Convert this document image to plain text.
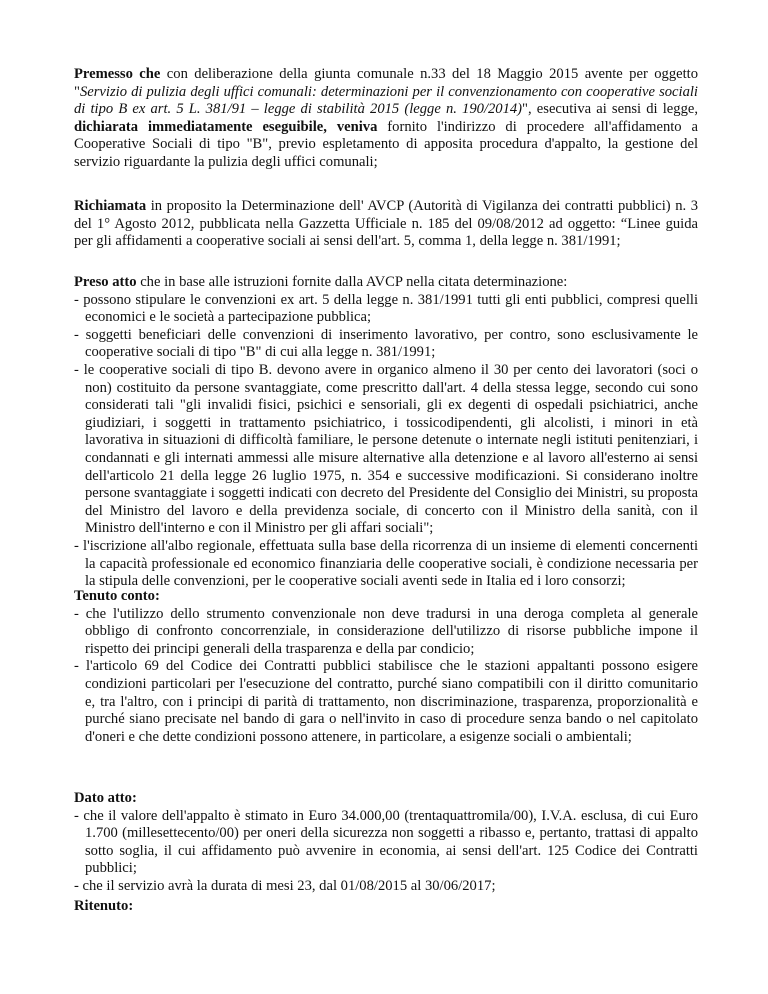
Premesso che con deliberazione della giunta comunale n.33 del 18 Maggio 2015 avente per oggetto "Servizio di pulizia degli uffici comunali: determinazioni per il convenzionamento con cooperative sociali di tipo B ex art. 5 L. 381/91 – legge di stabilità 2015 (legge n. 190/2014)", esecutiva ai sensi di legge, dichiarata immediatamente eseguibile, veniva fornito l'indirizzo di procedere all'affidamento a Cooperative Sociali di tipo "B", previo espletamento di apposita procedura d'appalto, la gestione del servizio riguardante la pulizia degli uffici comunali;

Richiamata in proposito la Determinazione dell' AVCP (Autorità di Vigilanza dei contratti pubblici) n. 3 del 1° Agosto 2012, pubblicata nella Gazzetta Ufficiale n. 185 del 09/08/2012 ad oggetto: “Linee guida per gli affidamenti a cooperative sociali ai sensi dell'art. 5, comma 1, della legge n. 381/1991;

Preso atto che in base alle istruzioni fornite dalla AVCP nella citata determinazione:

- possono stipulare le convenzioni ex art. 5 della legge n. 381/1991 tutti gli enti pubblici, compresi quelli economici e le società a partecipazione pubblica;
- soggetti beneficiari delle convenzioni di inserimento lavorativo, per contro, sono esclusivamente le cooperative sociali di tipo "B" di cui alla legge n. 381/1991;
- le cooperative sociali di tipo B. devono avere in organico almeno il 30 per cento dei lavoratori (soci o non) costituito da persone svantaggiate, come prescritto dall'art. 4 della stessa legge, secondo cui sono considerati tali "gli invalidi fisici, psichici e sensoriali, gli ex degenti di ospedali psichiatrici, anche giudiziari, i soggetti in trattamento psichiatrico, i tossicodipendenti, gli alcolisti, i minori in età lavorativa in situazioni di difficoltà familiare, le persone detenute o internate negli istituti penitenziari, i condannati e gli internati ammessi alle misure alternative alla detenzione e al lavoro all'esterno ai sensi dell'articolo 21 della legge 26 luglio 1975, n. 354 e successive modificazioni. Si considerano inoltre persone svantaggiate i soggetti indicati con decreto del Presidente del Consiglio dei Ministri, su proposta del Ministro del lavoro e della previdenza sociale, di concerto con il Ministro della sanità, con il Ministro dell'interno e con il Ministro per gli affari sociali";
- l'iscrizione all'albo regionale, effettuata sulla base della ricorrenza di un insieme di elementi concernenti la capacità professionale ed economico finanziaria delle cooperative sociali, è condizione necessaria per la stipula delle convenzioni, per le cooperative sociali aventi sede in Italia ed i loro consorzi;
Tenuto conto:
- che l'utilizzo dello strumento convenzionale non deve tradursi in una deroga completa al generale obbligo di confronto concorrenziale, in considerazione dell'utilizzo di risorse pubbliche impone il rispetto dei principi generali della trasparenza e della par condicio;
- l'articolo 69 del Codice dei Contratti pubblici stabilisce che le stazioni appaltanti possono esigere condizioni particolari per l'esecuzione del contratto, purché siano compatibili con il diritto comunitario e, tra l'altro, con i principi di parità di trattamento, non discriminazione, trasparenza, proporzionalità e purché siano precisate nel bando di gara o nell'invito in caso di procedure senza bando o nel capitolato d'oneri e che dette condizioni possono attenere, in particolare, a esigenze sociali o ambientali;
Dato atto:
- che il valore dell'appalto è stimato in Euro 34.000,00 (trentaquattromila/00), I.V.A. esclusa, di cui Euro 1.700 (millesettecento/00) per oneri della sicurezza non soggetti a ribasso e, pertanto, trattasi di appalto sotto soglia, il cui affidamento può avvenire in economia, ai sensi dell'art. 125 Codice dei Contratti pubblici;
- che il servizio avrà la durata di mesi 23, dal 01/08/2015 al 30/06/2017;
Ritenuto:
